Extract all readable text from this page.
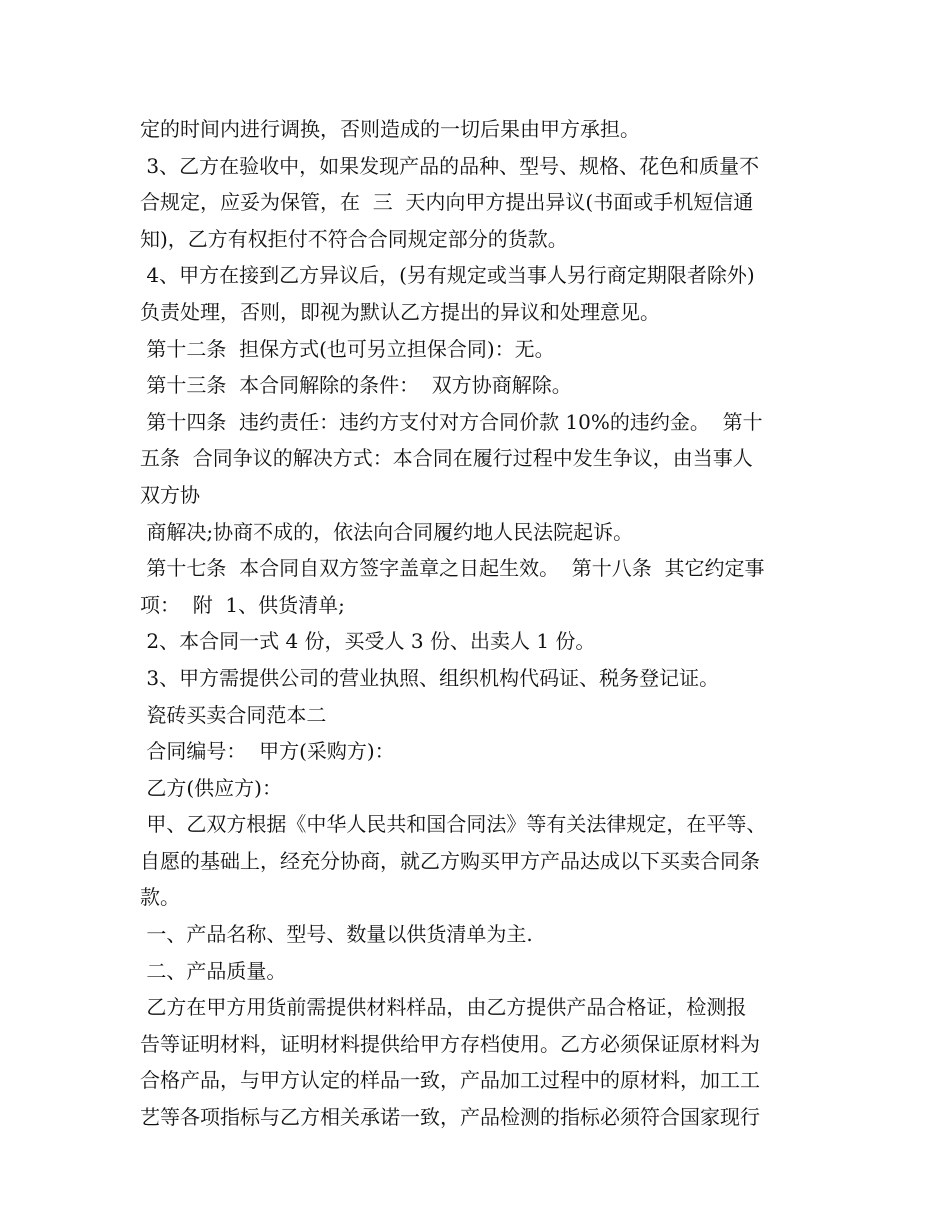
定的时间内进行调换，否则造成的一切后果由甲方承担。
3、乙方在验收中，如果发现产品的品种、型号、规格、花色和质量不
合规定，应妥为保管，在  三  天内向甲方提出异议(书面或手机短信通
知)，乙方有权拒付不符合合同规定部分的货款。
4、甲方在接到乙方异议后，(另有规定或当事人另行商定期限者除外)
负责处理，否则，即视为默认乙方提出的异议和处理意见。
第十二条  担保方式(也可另立担保合同)：无。
第十三条  本合同解除的条件：  双方协商解除。
第十四条  违约责任：违约方支付对方合同价款 10%的违约金。  第十
五条  合同争议的解决方式：本合同在履行过程中发生争议，由当事人
双方协
商解决;协商不成的，依法向合同履约地人民法院起诉。
第十七条  本合同自双方签字盖章之日起生效。  第十八条  其它约定事
项：  附  1、供货清单;
2、本合同一式 4 份，买受人 3 份、出卖人 1 份。
3、甲方需提供公司的营业执照、组织机构代码证、税务登记证。
瓷砖买卖合同范本二
合同编号：  甲方(采购方)：
乙方(供应方)：
甲、乙双方根据《中华人民共和国合同法》等有关法律规定，在平等、
自愿的基础上，经充分协商，就乙方购买甲方产品达成以下买卖合同条
款。
一、产品名称、型号、数量以供货清单为主.
二、产品质量。
乙方在甲方用货前需提供材料样品，由乙方提供产品合格证，检测报
告等证明材料，证明材料提供给甲方存档使用。乙方必须保证原材料为
合格产品，与甲方认定的样品一致，产品加工过程中的原材料，加工工
艺等各项指标与乙方相关承诺一致，产品检测的指标必须符合国家现行
